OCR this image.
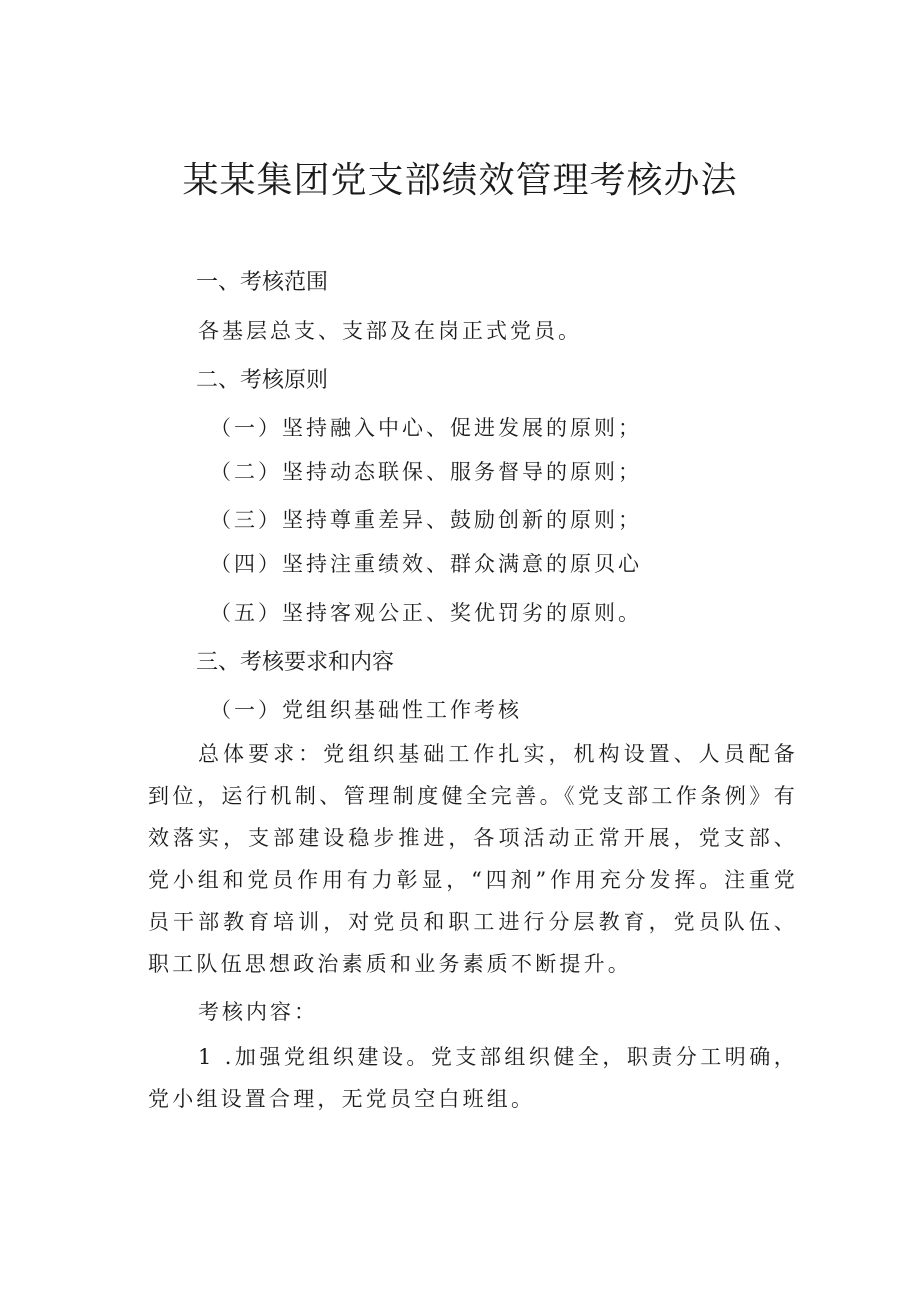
某某集团党支部绩效管理考核办法
一、考核范围
各基层总支、支部及在岗正式党员。
二、考核原则
（一）坚持融入中心、促进发展的原则；
（二）坚持动态联保、服务督导的原则；
（三）坚持尊重差异、鼓励创新的原则；
（四）坚持注重绩效、群众满意的原贝心
（五）坚持客观公正、奖优罚劣的原则。
三、考核要求和内容
（一）党组织基础性工作考核

总体要求：党组织基础工作扎实，机构设置、人员配备到位，运行机制、管理制度健全完善。《党支部工作条例》有效落实，支部建设稳步推进，各项活动正常开展，党支部、党小组和党员作用有力彰显，“四剂”作用充分发挥。注重党员干部教育培训，对党员和职工进行分层教育，党员队伍、职工队伍思想政治素质和业务素质不断提升。

考核内容：

1 .加强党组织建设。党支部组织健全，职责分工明确，党小组设置合理，无党员空白班组。
